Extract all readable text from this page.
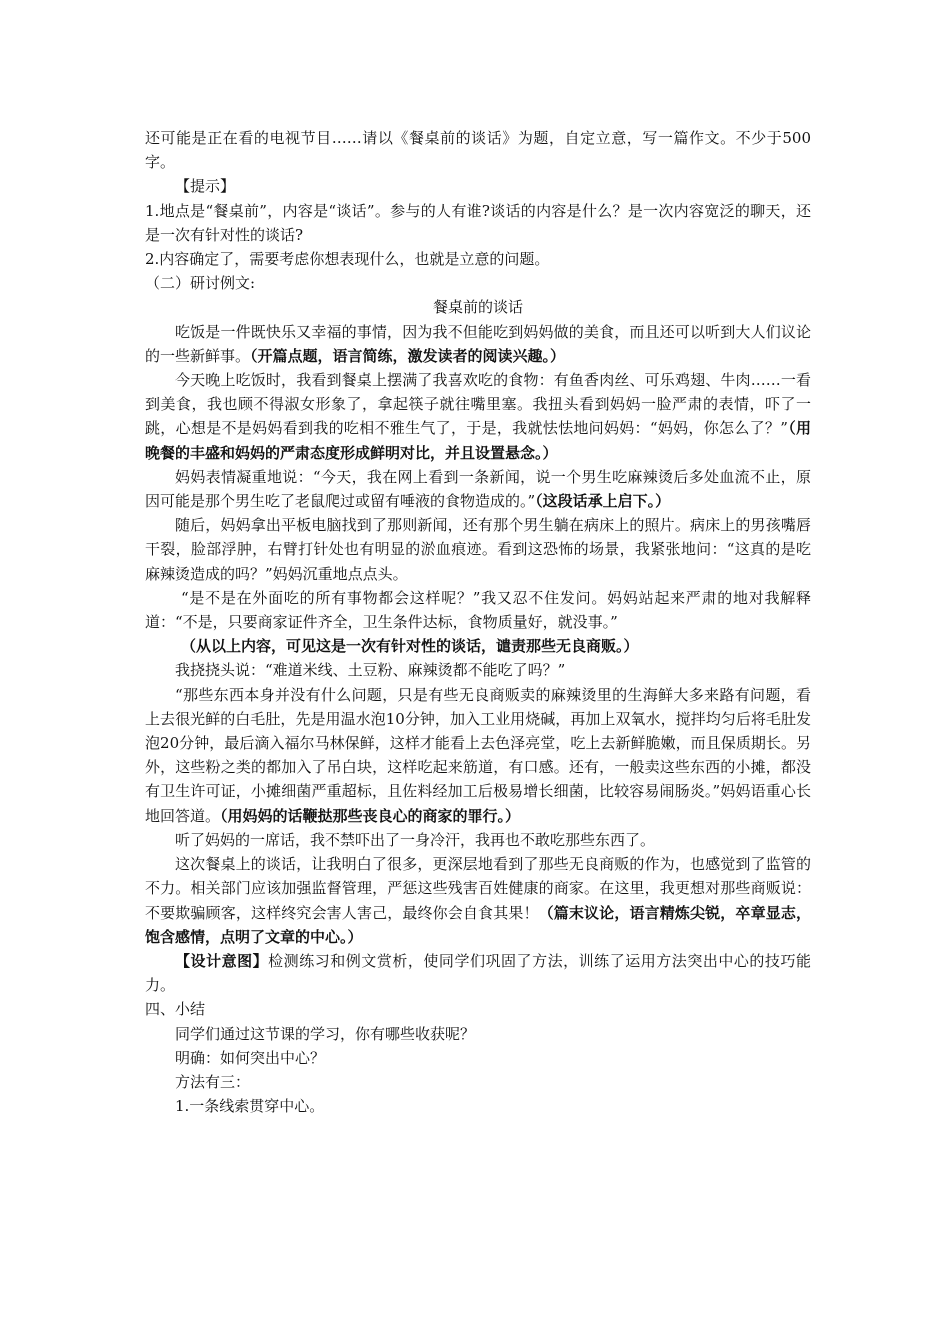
还可能是正在看的电视节目……请以《餐桌前的谈话》为题，自定立意，写一篇作文。不少于500字。

【提示】

1.地点是“餐桌前”，内容是“谈话”。参与的人有谁?谈话的内容是什么？是一次内容宽泛的聊天，还是一次有针对性的谈话?

2.内容确定了，需要考虑你想表现什么，也就是立意的问题。

（二）研讨例文:

餐桌前的谈话

吃饭是一件既快乐又幸福的事情，因为我不但能吃到妈妈做的美食，而且还可以听到大人们议论的一些新鲜事。（开篇点题，语言简练，激发读者的阅读兴趣。）

今天晚上吃饭时，我看到餐桌上摆满了我喜欢吃的食物：有鱼香肉丝、可乐鸡翅、牛肉……一看到美食，我也顾不得淑女形象了，拿起筷子就往嘴里塞。我扭头看到妈妈一脸严肃的表情，吓了一跳，心想是不是妈妈看到我的吃相不雅生气了，于是，我就怯怯地问妈妈：“妈妈，你怎么了？”（用晚餐的丰盛和妈妈的严肃态度形成鲜明对比，并且设置悬念。）

妈妈表情凝重地说：“今天，我在网上看到一条新闻，说一个男生吃麻辣烫后多处血流不止，原因可能是那个男生吃了老鼠爬过或留有唾液的食物造成的。”（这段话承上启下。）

随后，妈妈拿出平板电脑找到了那则新闻，还有那个男生躺在病床上的照片。病床上的男孩嘴唇干裂，脸部浮肿，右臂打针处也有明显的淤血痕迹。看到这恐怖的场景，我紧张地问：“这真的是吃麻辣烫造成的吗？”妈妈沉重地点点头。

“是不是在外面吃的所有事物都会这样呢？”我又忍不住发问。妈妈站起来严肃的地对我解释道：“不是，只要商家证件齐全，卫生条件达标，食物质量好，就没事。”

（从以上内容，可见这是一次有针对性的谈话，谴责那些无良商贩。）

我挠挠头说：“难道米线、土豆粉、麻辣烫都不能吃了吗？”

“那些东西本身并没有什么问题，只是有些无良商贩卖的麻辣烫里的生海鲜大多来路有问题，看上去很光鲜的白毛肚，先是用温水泡10分钟，加入工业用烧碱，再加上双氧水，搅拌均匀后将毛肚发泡20分钟，最后滴入福尔马林保鲜，这样才能看上去色泽亮堂，吃上去新鲜脆嫩，而且保质期长。另外，这些粉之类的都加入了吊白块，这样吃起来筋道，有口感。还有，一般卖这些东西的小摊，都没有卫生许可证，小摊细菌严重超标，且佐料经加工后极易增长细菌，比较容易闹肠炎。”妈妈语重心长地回答道。（用妈妈的话鞭挞那些丧良心的商家的罪行。）

听了妈妈的一席话，我不禁吓出了一身冷汗，我再也不敢吃那些东西了。

这次餐桌上的谈话，让我明白了很多，更深层地看到了那些无良商贩的作为，也感觉到了监管的不力。相关部门应该加强监督管理，严惩这些残害百姓健康的商家。在这里，我更想对那些商贩说：不要欺骗顾客，这样终究会害人害己，最终你会自食其果！（篇末议论，语言精炼尖锐，卒章显志，饱含感情，点明了文章的中心。）

【设计意图】检测练习和例文赏析，使同学们巩固了方法，训练了运用方法突出中心的技巧能力。

四、小结

同学们通过这节课的学习，你有哪些收获呢？

明确：如何突出中心？

方法有三：

1.一条线索贯穿中心。
